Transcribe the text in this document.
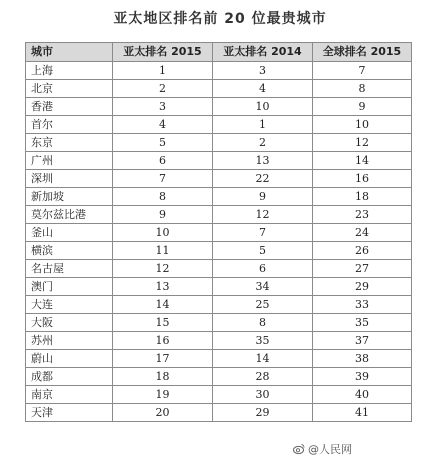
亚太地区排名前 20 位最贵城市
城市	亚太排名 2015	亚太排名 2014	全球排名 2015
上海	1	3	7
北京	2	4	8
香港	3	10	9
首尔	4	1	10
东京	5	2	12
广州	6	13	14
深圳	7	22	16
新加坡	8	9	18
莫尔兹比港	9	12	23
釜山	10	7	24
横滨	11	5	26
名古屋	12	6	27
澳门	13	34	29
大连	14	25	33
大阪	15	8	35
苏州	16	35	37
蔚山	17	14	38
成都	18	28	39
南京	19	30	40
天津	20	29	41
@人民网
